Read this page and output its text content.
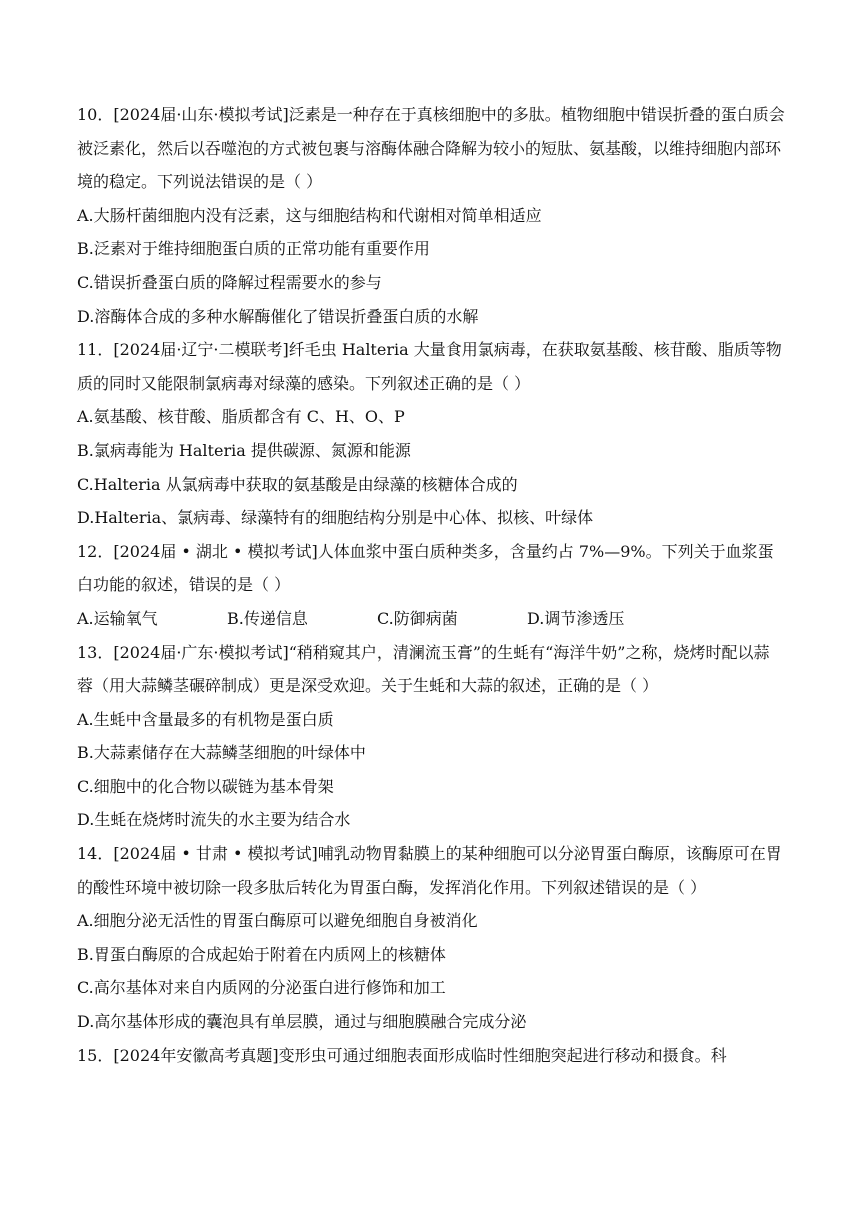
10．[2024届·山东·模拟考试]泛素是一种存在于真核细胞中的多肽。植物细胞中错误折叠的蛋白质会被泛素化，然后以吞噬泡的方式被包裹与溶酶体融合降解为较小的短肽、氨基酸，以维持细胞内部环境的稳定。下列说法错误的是（ ）

A.大肠杆菌细胞内没有泛素，这与细胞结构和代谢相对简单相适应

B.泛素对于维持细胞蛋白质的正常功能有重要作用

C.错误折叠蛋白质的降解过程需要水的参与

D.溶酶体合成的多种水解酶催化了错误折叠蛋白质的水解

11．[2024届·辽宁·二模联考]纤毛虫 Halteria 大量食用氯病毒，在获取氨基酸、核苷酸、脂质等物质的同时又能限制氯病毒对绿藻的感染。下列叙述正确的是（ ）

A.氨基酸、核苷酸、脂质都含有 C、H、O、P

B.氯病毒能为 Halteria 提供碳源、氮源和能源

C.Halteria 从氯病毒中获取的氨基酸是由绿藻的核糖体合成的

D.Halteria、氯病毒、绿藻特有的细胞结构分别是中心体、拟核、叶绿体

12．[2024届 • 湖北 • 模拟考试]人体血浆中蛋白质种类多，含量约占 7%—9%。下列关于血浆蛋白功能的叙述，错误的是（ ）

A.运输氧气	B.传递信息	C.防御病菌	D.调节渗透压

13．[2024届·广东·模拟考试]“稍稍窥其户，清澜流玉膏”的生蚝有“海洋牛奶”之称，烧烤时配以蒜蓉（用大蒜鳞茎碾碎制成）更是深受欢迎。关于生蚝和大蒜的叙述，正确的是（ ）

A.生蚝中含量最多的有机物是蛋白质

B.大蒜素储存在大蒜鳞茎细胞的叶绿体中

C.细胞中的化合物以碳链为基本骨架

D.生蚝在烧烤时流失的水主要为结合水

14．[2024届 • 甘肃 • 模拟考试]哺乳动物胃黏膜上的某种细胞可以分泌胃蛋白酶原，该酶原可在胃的酸性环境中被切除一段多肽后转化为胃蛋白酶，发挥消化作用。下列叙述错误的是（ ）

A.细胞分泌无活性的胃蛋白酶原可以避免细胞自身被消化

B.胃蛋白酶原的合成起始于附着在内质网上的核糖体

C.高尔基体对来自内质网的分泌蛋白进行修饰和加工

D.高尔基体形成的囊泡具有单层膜，通过与细胞膜融合完成分泌

15．[2024年安徽高考真题]变形虫可通过细胞表面形成临时性细胞突起进行移动和摄食。科
